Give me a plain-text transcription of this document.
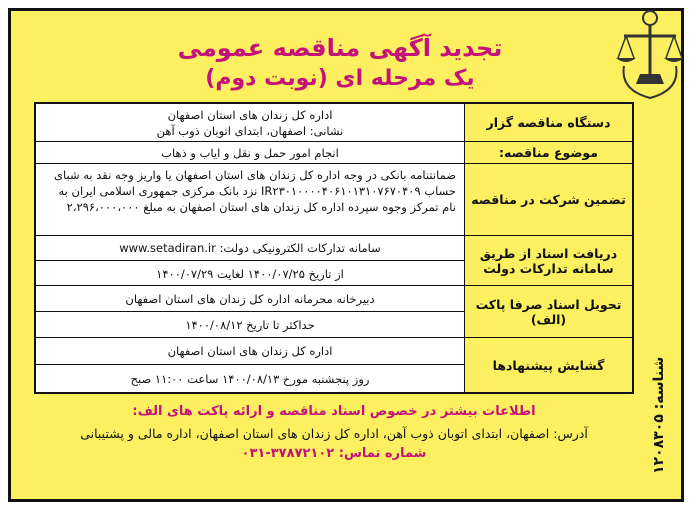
شناسه: ۱۲۰۸۳۰۵
تجدید آگهی مناقصه عمومی
یک مرحله ای (نوبت دوم)
دستگاه مناقصه گزار
اداره کل زندان های استان اصفهان
نشانی: اصفهان، ابتدای اتوبان ذوب آهن
موضوع مناقصه:
انجام امور حمل و نقل و ایاب و ذهاب
تضمین شرکت در مناقصه
ضمانتنامه بانکی در وجه اداره کل زندان های استان اصفهان یا واریز وجه نقد به شبای حساب IR۲۳۰۱۰۰۰۰۴۰۶۱۰۱۳۱۰۷۶۷۰۴۰۹ نزد بانک مرکزی جمهوری اسلامی ایران به نام تمرکز وجوه سپرده اداره کل زندان های استان اصفهان به مبلغ ۲،۲۹۶،۰۰۰،۰۰۰
دریافت اسناد از طریق سامانه تدارکات دولت
سامانه تدارکات الکترونیکی دولت: www.setadiran.ir
از تاریخ ۱۴۰۰/۰۷/۲۵ لغایت ۱۴۰۰/۰۷/۲۹
تحویل اسناد صرفا پاکت (الف)
دبیرخانه محرمانه اداره کل زندان های استان اصفهان
حداکثر تا تاریخ ۱۴۰۰/۰۸/۱۲
گشایش پیشنهادها
اداره کل زندان های استان اصفهان
روز پنجشنبه مورخ ۱۴۰۰/۰۸/۱۳ ساعت ۱۱:۰۰ صبح
اطلاعات بیشتر در خصوص اسناد مناقصه و ارائه پاکت های الف:
آدرس: اصفهان، ابتدای اتوبان ذوب آهن، اداره کل زندان های استان اصفهان، اداره مالی و پشتیبانی
شماره تماس: ۳۷۸۷۲۱۰۲-۰۳۱
